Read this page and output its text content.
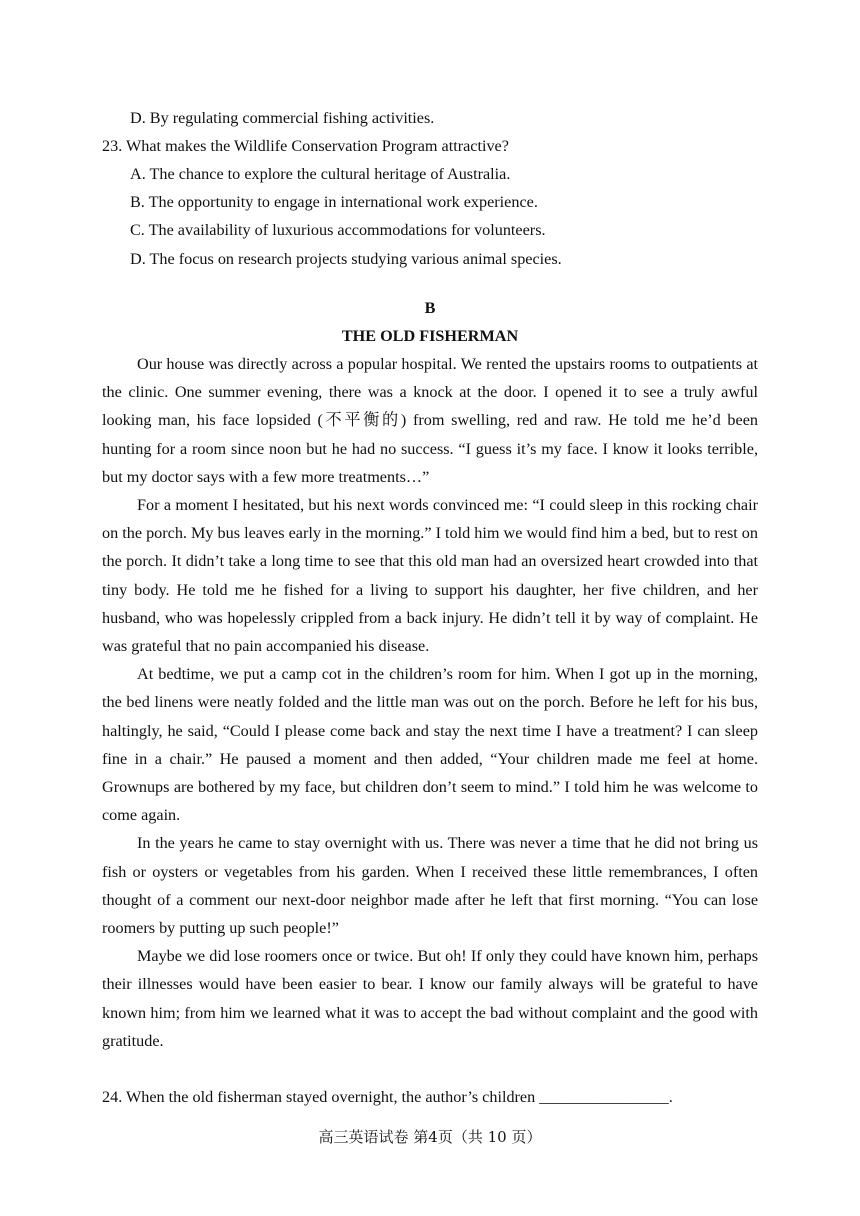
D. By regulating commercial fishing activities.
23. What makes the Wildlife Conservation Program attractive?
A. The chance to explore the cultural heritage of Australia.
B. The opportunity to engage in international work experience.
C. The availability of luxurious accommodations for volunteers.
D. The focus on research projects studying various animal species.
B
THE OLD FISHERMAN

Our house was directly across a popular hospital. We rented the upstairs rooms to outpatients at the clinic. One summer evening, there was a knock at the door. I opened it to see a truly awful looking man, his face lopsided (不平衡的) from swelling, red and raw. He told me he’d been hunting for a room since noon but he had no success. “I guess it’s my face. I know it looks terrible, but my doctor says with a few more treatments…”

For a moment I hesitated, but his next words convinced me: “I could sleep in this rocking chair on the porch. My bus leaves early in the morning.” I told him we would find him a bed, but to rest on the porch. It didn’t take a long time to see that this old man had an oversized heart crowded into that tiny body. He told me he fished for a living to support his daughter, her five children, and her husband, who was hopelessly crippled from a back injury. He didn’t tell it by way of complaint. He was grateful that no pain accompanied his disease.

At bedtime, we put a camp cot in the children’s room for him. When I got up in the morning, the bed linens were neatly folded and the little man was out on the porch. Before he left for his bus, haltingly, he said, “Could I please come back and stay the next time I have a treatment? I can sleep fine in a chair.” He paused a moment and then added, “Your children made me feel at home. Grownups are bothered by my face, but children don’t seem to mind.” I told him he was welcome to come again.

In the years he came to stay overnight with us. There was never a time that he did not bring us fish or oysters or vegetables from his garden. When I received these little remembrances, I often thought of a comment our next-door neighbor made after he left that first morning. “You can lose roomers by putting up such people!”

Maybe we did lose roomers once or twice. But oh! If only they could have known him, perhaps their illnesses would have been easier to bear. I know our family always will be grateful to have known him; from him we learned what it was to accept the bad without complaint and the good with gratitude.

24. When the old fisherman stayed overnight, the author’s children ________________.
高三英语试卷 第4页（共 10 页）
